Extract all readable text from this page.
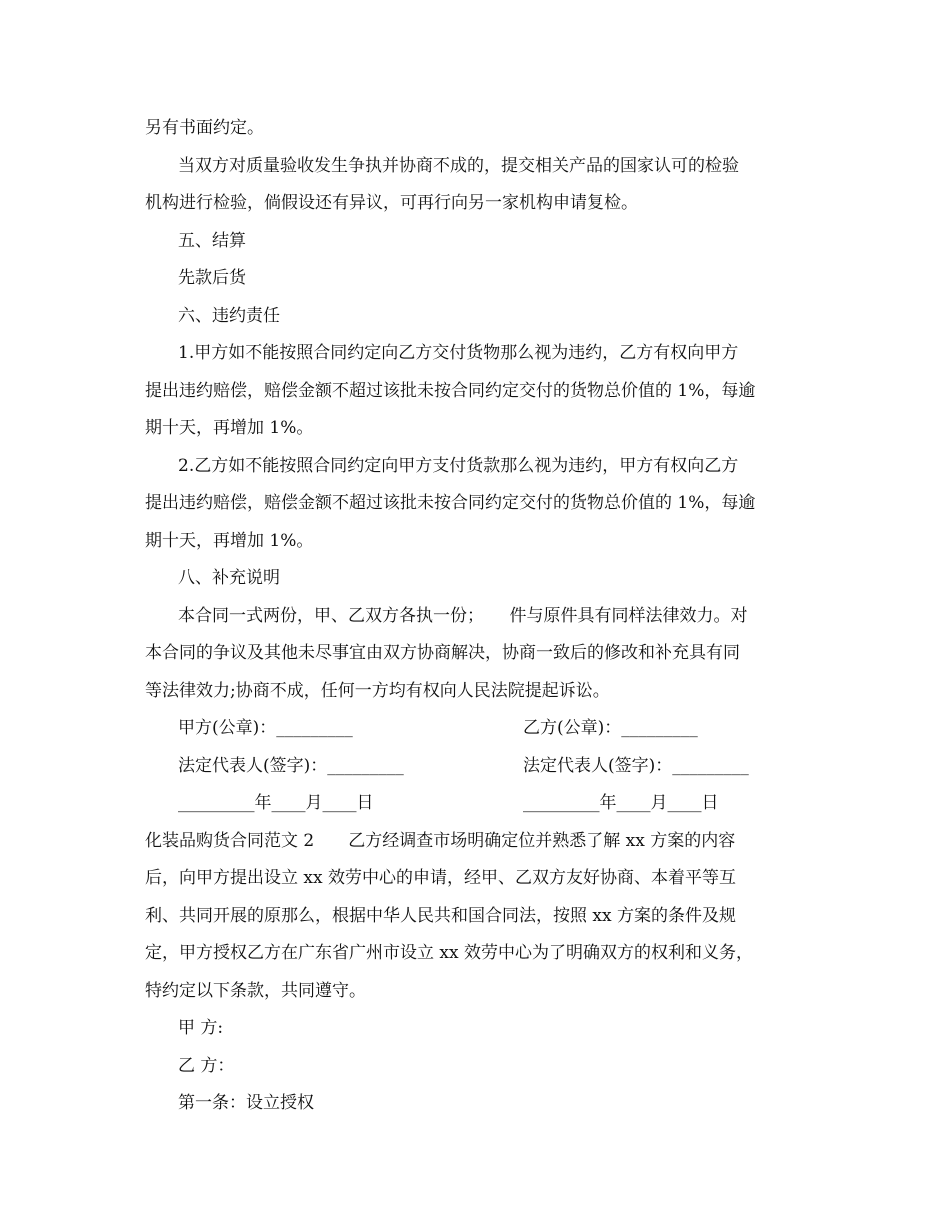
另有书面约定。
当双方对质量验收发生争执并协商不成的，提交相关产品的国家认可的检验
机构进行检验，倘假设还有异议，可再行向另一家机构申请复检。
五、结算
先款后货
六、违约责任
1.甲方如不能按照合同约定向乙方交付货物那么视为违约，乙方有权向甲方
提出违约赔偿，赔偿金额不超过该批未按合同约定交付的货物总价值的 1%，每逾
期十天，再增加 1%。
2.乙方如不能按照合同约定向甲方支付货款那么视为违约，甲方有权向乙方
提出违约赔偿，赔偿金额不超过该批未按合同约定交付的货物总价值的 1%，每逾
期十天，再增加 1%。
八、补充说明
本合同一式两份，甲、乙双方各执一份；　　件与原件具有同样法律效力。对
本合同的争议及其他未尽事宜由双方协商解决，协商一致后的修改和补充具有同
等法律效力;协商不成，任何一方均有权向人民法院提起诉讼。
甲方(公章)：_________	乙方(公章)：_________
法定代表人(签字)：_________	法定代表人(签字)：_________
_________年____月____日	_________年____月____日
化装品购货合同范文 2　　乙方经调查市场明确定位并熟悉了解 xx 方案的内容
后，向甲方提出设立 xx 效劳中心的申请，经甲、乙双方友好协商、本着平等互
利、共同开展的原那么，根据中华人民共和国合同法，按照 xx 方案的条件及规
定，甲方授权乙方在广东省广州市设立 xx 效劳中心为了明确双方的权利和义务，
特约定以下条款，共同遵守。
甲 方:
乙 方：
第一条：设立授权
